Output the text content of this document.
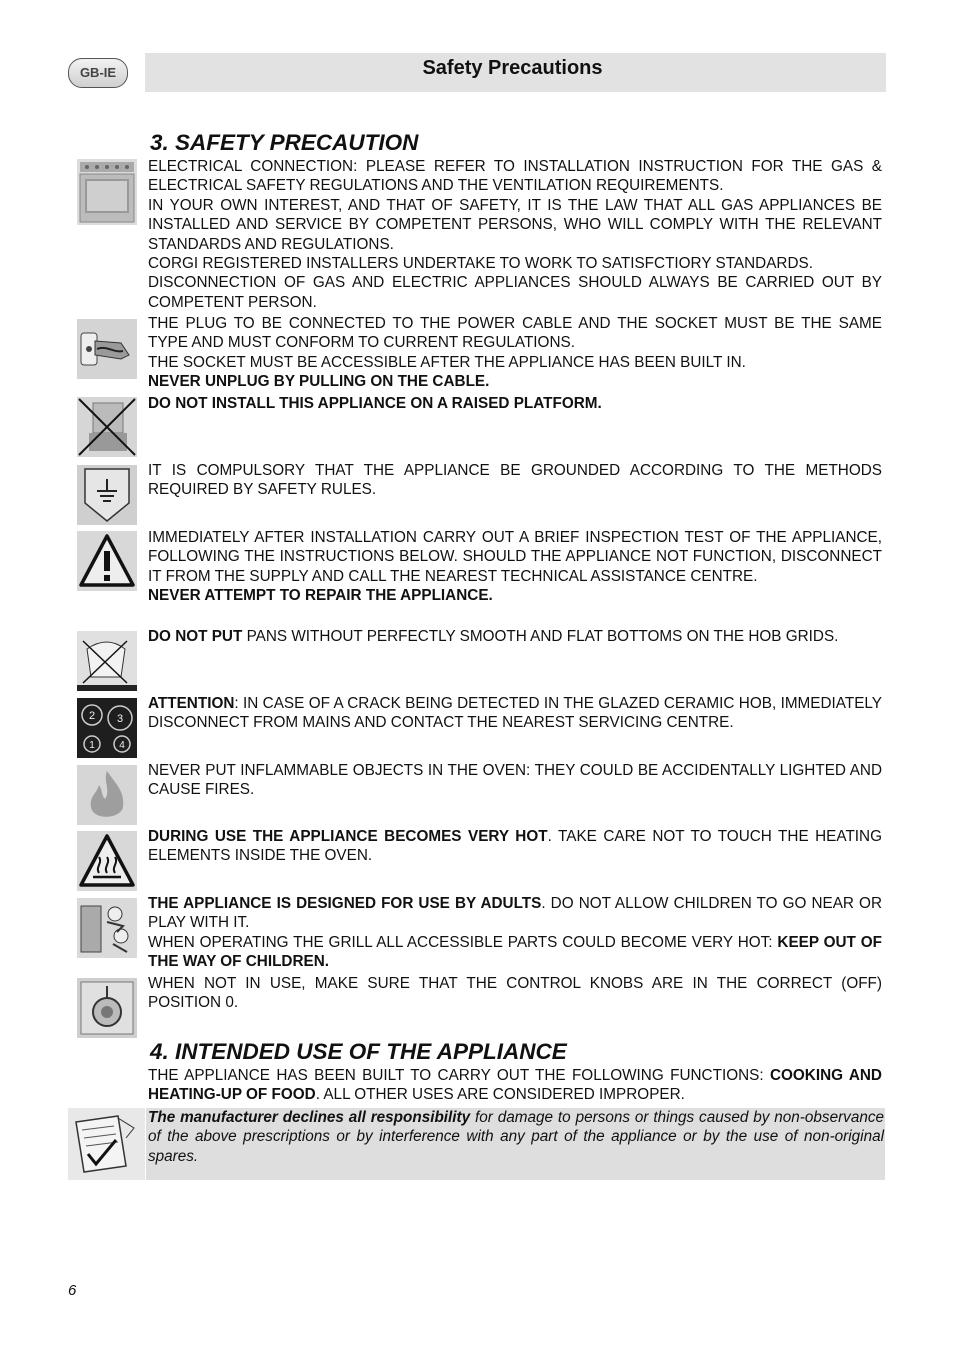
GB-IE	Safety Precautions
3. SAFETY PRECAUTION
ELECTRICAL CONNECTION: PLEASE REFER TO INSTALLATION INSTRUCTION FOR THE GAS & ELECTRICAL SAFETY REGULATIONS AND THE VENTILATION REQUIREMENTS.
IN YOUR OWN INTEREST, AND THAT OF SAFETY, IT IS THE LAW THAT ALL GAS APPLIANCES BE INSTALLED AND SERVICE BY COMPETENT PERSONS, WHO WILL COMPLY WITH THE RELEVANT STANDARDS AND REGULATIONS.
CORGI REGISTERED INSTALLERS UNDERTAKE TO WORK TO SATISFCTIORY STANDARDS.
DISCONNECTION OF GAS AND ELECTRIC APPLIANCES SHOULD ALWAYS BE CARRIED OUT BY COMPETENT PERSON.
THE PLUG TO BE CONNECTED TO THE POWER CABLE AND THE SOCKET MUST BE THE SAME TYPE AND MUST CONFORM TO CURRENT REGULATIONS.
THE SOCKET MUST BE ACCESSIBLE AFTER THE APPLIANCE HAS BEEN BUILT IN.
NEVER UNPLUG BY PULLING ON THE CABLE.
DO NOT INSTALL THIS APPLIANCE ON A RAISED PLATFORM.
IT IS COMPULSORY THAT THE APPLIANCE BE GROUNDED ACCORDING TO THE METHODS REQUIRED BY SAFETY RULES.
IMMEDIATELY AFTER INSTALLATION CARRY OUT A BRIEF INSPECTION TEST OF THE APPLIANCE, FOLLOWING THE INSTRUCTIONS BELOW. SHOULD THE APPLIANCE NOT FUNCTION, DISCONNECT IT FROM THE SUPPLY AND CALL THE NEAREST TECHNICAL ASSISTANCE CENTRE.
NEVER ATTEMPT TO REPAIR THE APPLIANCE.
DO NOT PUT PANS WITHOUT PERFECTLY SMOOTH AND FLAT BOTTOMS ON THE HOB GRIDS.
2 3
1 4
ATTENTION: IN CASE OF A CRACK BEING DETECTED IN THE GLAZED CERAMIC HOB, IMMEDIATELY DISCONNECT FROM MAINS AND CONTACT THE NEAREST SERVICING CENTRE.
NEVER PUT INFLAMMABLE OBJECTS IN THE OVEN: THEY COULD BE ACCIDENTALLY LIGHTED AND CAUSE FIRES.
DURING USE THE APPLIANCE BECOMES VERY HOT. TAKE CARE NOT TO TOUCH THE HEATING ELEMENTS INSIDE THE OVEN.
THE APPLIANCE IS DESIGNED FOR USE BY ADULTS. DO NOT ALLOW CHILDREN TO GO NEAR OR PLAY WITH IT.
WHEN OPERATING THE GRILL ALL ACCESSIBLE PARTS COULD BECOME VERY HOT: KEEP OUT OF THE WAY OF CHILDREN.
WHEN NOT IN USE, MAKE SURE THAT THE CONTROL KNOBS ARE IN THE CORRECT (OFF) POSITION 0.
4. INTENDED USE OF THE APPLIANCE
THE APPLIANCE HAS BEEN BUILT TO CARRY OUT THE FOLLOWING FUNCTIONS: COOKING AND HEATING-UP OF FOOD. ALL OTHER USES ARE CONSIDERED IMPROPER.

The manufacturer declines all responsibility for damage to persons or things caused by non-observance of the above prescriptions or by interference with any part of the appliance or by the use of non-original spares.

6
